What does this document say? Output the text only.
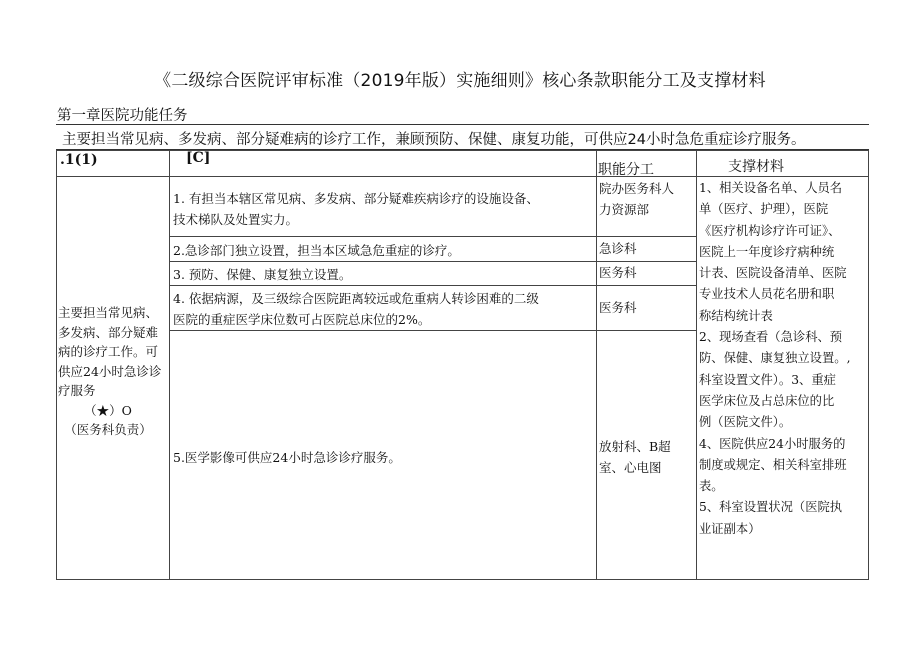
《二级综合医院评审标准（2019年版）实施细则》核心条款职能分工及支撑材料
第一章医院功能任务
主要担当常见病、多发病、部分疑难病的诊疗工作，兼顾预防、保健、康复功能，可供应24小时急危重症诊疗服务。
.1(1)	[C]
职能分工	支撑材料
主要担当常见病、
多发病、部分疑难
病的诊疗工作。可
供应24小时急诊诊
疗服务
（★）O
（医务科负责）
1. 有担当本辖区常见病、多发病、部分疑难疾病诊疗的设施设备、
技术梯队及处置实力。
2.急诊部门独立设置，担当本区域急危重症的诊疗。
3. 预防、保健、康复独立设置。
4. 依据病源，及三级综合医院距离较远或危重病人转诊困难的二级
医院的重症医学床位数可占医院总床位的2%。
5.医学影像可供应24小时急诊诊疗服务。
院办医务科人
力资源部
急诊科
医务科
医务科
放射科、B超
室、心电图
1、相关设备名单、人员名
单（医疗、护理），医院
《医疗机构诊疗许可证》、
医院上一年度诊疗病种统
计表、医院设备清单、医院
专业技术人员花名册和职
称结构统计表
2、现场查看（急诊科、预
防、保健、康复独立设置。,
科室设置文件）。3、重症
医学床位及占总床位的比
例（医院文件）。
4、医院供应24小时服务的
制度或规定、相关科室排班
表。
5、科室设置状况（医院执
业证副本）
